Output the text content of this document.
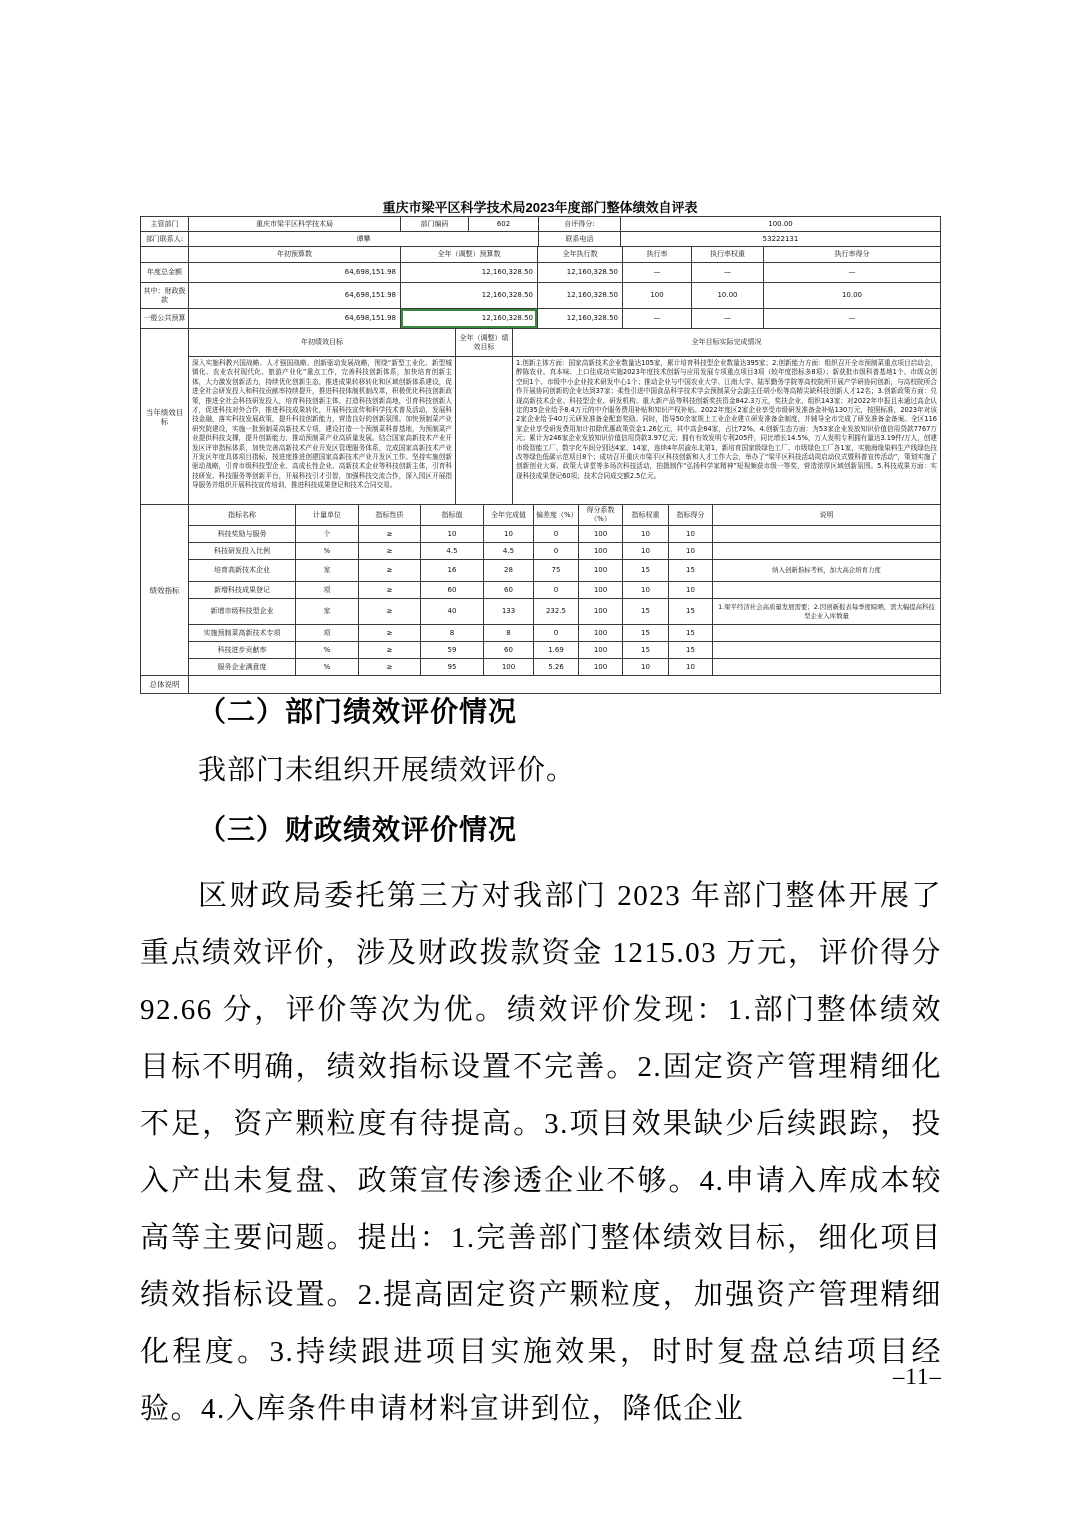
重庆市梁平区科学技术局2023年度部门整体绩效自评表
主管部门	重庆市梁平区科学技术局	部门编码	602	自评得分:	100.00
部门联系人:	谭攀			联系电话	53222131
	年初预算数	全年（调整）预算数	全年执行数	执行率	执行率权重	执行率得分
年度总金额	64,698,151.98	12,160,328.50	12,160,328.50	—	—	—
其中：财政拨款	64,698,151.98	12,160,328.50	12,160,328.50	100	10.00	10.00
一般公共预算	64,698,151.98	12,160,328.50	12,160,328.50	—	—	—
当年绩效目标	年初绩效目标	全年（调整）绩效目标	全年目标实际完成情况
深入实施科教兴国战略、人才强国战略、创新驱动发展战略，围绕“新型工业化、新型城镇化、农业农村现代化、旅游产业化”重点工作，完善科技创新体系，加快培育创新主体，大力激发创新活力，持续优化创新生态，推进成果转移转化和区域创新体系建设，促进全社会研发投入和科技贡献率持续提升，推进科技体制机制改革，积极优化科技创新政策，推进全社会科技研发投入，培育科技创新主体，打造科技创新高地，引育科技创新人才，促进科技对外合作，推进科技成果转化，开展科技宣传和科学技术普及活动，发展科技金融，落实科技发展政策，提升科技创新能力，营造良好的创新氛围。加快预制菜产业研究院建设，实施一批预制菜高新技术专项，建设打造一个预制菜科普基地，为预制菜产业提供科技支撑，提升创新能力，推动预制菜产业高质量发展。结合国家高新技术产业开发区评审指标体系，加快完善高新技术产业开发区管理服务体系，完成国家高新技术产业开发区年度具体项目指标，按进度推进创建国家高新技术产业开发区工作。坚持实施创新驱动战略，引育市级科技型企业、高成长性企业、高新技术企业等科技创新主体，引育科技研发、科技服务等创新平台，开展科技引才引智，加强科技交流合作，深入园区开展指导服务并组织开展科技宣传培训，推进科技成果登记和技术合同交易。		1.创新主体方面：国家高新技术企业数量达105家，累计培育科技型企业数量达395家；2.创新能力方面：组织召开全市预制菜重点项目启动会，醉陈农业、真本味、上口佳成功实施2023年度技术创新与应用发展专项重点项目3项（较年度指标多8项）；新获批市级科普基地1个、市级众创空间1个、市级中小企业技术研发中心1个；推动企业与中国农业大学、江南大学、陆军勤务学院等高校院所开展产学研协同创新，与高校院所合作开展协同创新的企业达到37家；柔性引进中国食品科学技术学会预制菜分会副主任胡小松等高精尖缺科技创新人才12名；3.创新政策方面：兑现高新技术企业、科技型企业、研发机构、重大新产品等科技创新奖扶资金842.3万元，奖扶企业、组织143家；对2022年申报且未通过高企认定的35企业给予8.4万元的中介服务费用补贴和知识产权补贴。2022年度区2家企业享受市级研发准备金补贴130万元，按照标准，2023年对该2家企业给予40万元研发准备金配套奖励。同时，指导50余家规上工业企业建立研发准备金制度，并辅导全市完成了研发准备金备案。全区116家企业享受研发费用加计扣除优惠政策资金1.26亿元，其中高企84家，占比72%。4.创新生态方面：为53家企业发放知识价值信用贷款7767万元；累计为246家企业发放知识价值信用贷款3.97亿元；拥有有效发明专利205件，同比增长14.5%，万人发明专利拥有量达3.19件/万人，创建市级智能工厂、数字化车间分别达4家、14家，连续4年居渝东北第1，新培育国家级绿色工厂、市级绿色工厂各1家，实施海缘染料生产线绿色技改等绿色低碳示范项目8个；成功召开重庆市梁平区科技创新和人才工作大会，举办了“梁平区科技活动周启动仪式暨科普宣传活动”，策划实施了创新创业大赛、政策大讲堂等多场次科技活动，拍摄制作“弘扬科学家精神”短视频获市级一等奖，营造浓厚区域创新氛围。5.科技成果方面：实现科技成果登记60项；技术合同成交额2.5亿元。
绩效指标	指标名称	计量单位	指标性质	指标值	全年完成值	偏差度（%）	得分系数（%）	指标权重	指标得分	说明
	科技奖励与服务	个	≥	10	10	0	100	10	10	
	科技研发投入比例	%	≥	4.5	4.5	0	100	10	10	
	培育高新技术企业	家	≥	16	28	75	100	15	15	纳入创新指标考核，加大高企培育力度
	新增科技成果登记	项	≥	60	60	0	100	10	10	
	新增市级科技型企业	家	≥	40	133	232.5	100	15	15	1.梁平经济社会高质量发展需要；2.因创新报表每季度晾晒，需大幅提高科技型企业入库数量
	实施预制菜高新技术专项	项	≥	8	8	0	100	15	15	
	科技进步贡献率	%	≥	59	60	1.69	100	15	15	
	服务企业满意度	%	≥	95	100	5.26	100	10	10	
总体说明	
（二）部门绩效评价情况
我部门未组织开展绩效评价。
（三）财政绩效评价情况
区财政局委托第三方对我部门 2023 年部门整体开展了重点绩效评价，涉及财政拨款资金 1215.03 万元，评价得分 92.66 分，评价等次为优。绩效评价发现：1.部门整体绩效目标不明确，绩效指标设置不完善。2.固定资产管理精细化不足，资产颗粒度有待提高。3.项目效果缺少后续跟踪，投入产出未复盘、政策宣传渗透企业不够。4.申请入库成本较高等主要问题。提出：1.完善部门整体绩效目标，细化项目绩效指标设置。2.提高固定资产颗粒度，加强资产管理精细化程度。3.持续跟进项目实施效果，时时复盘总结项目经验。4.入库条件申请材料宣讲到位，降低企业
–11–
